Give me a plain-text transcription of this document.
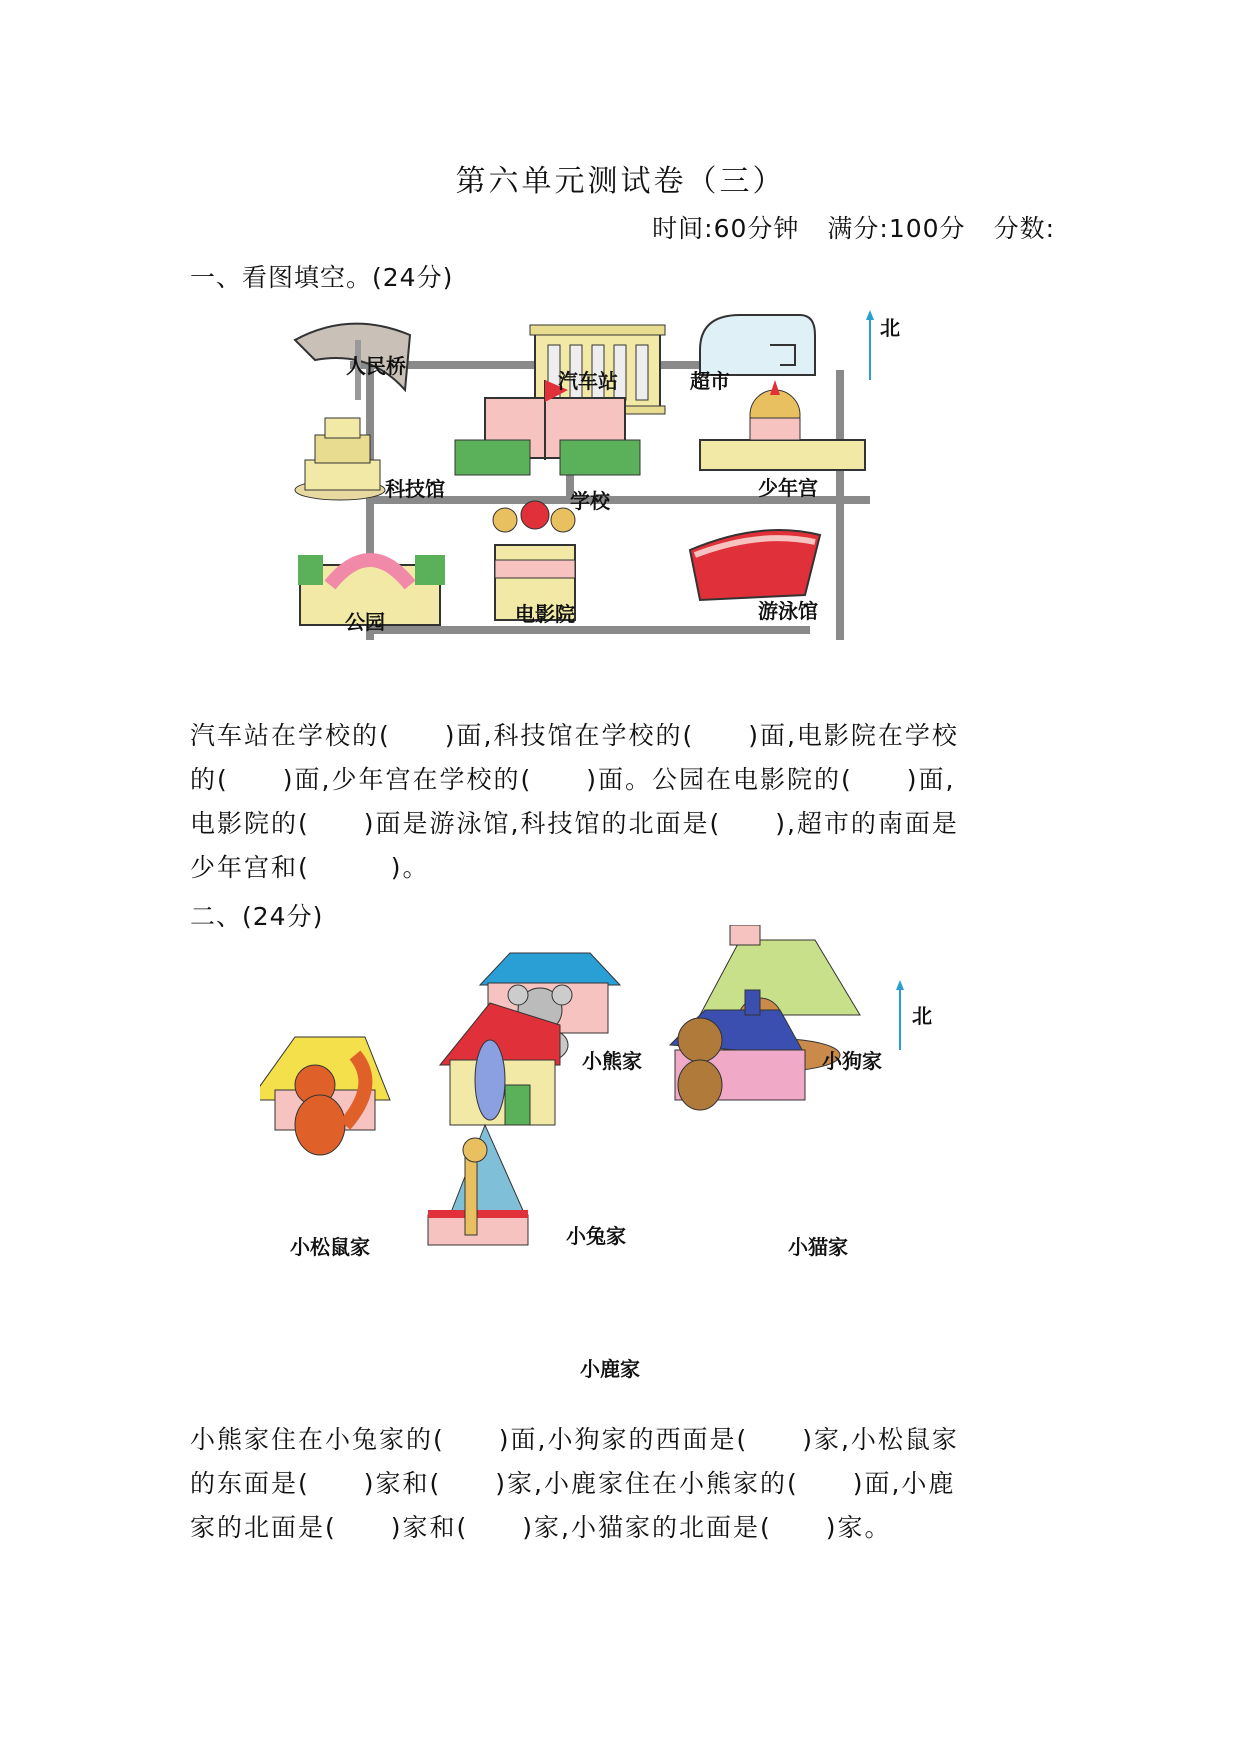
第六单元测试卷（三）
时间:60分钟 满分:100分 分数:
一、看图填空。(24分)
北
人民桥
汽车站	超市
科技馆	学校
少年宫
公园	电影院	游泳馆
汽车站在学校的(　　)面,科技馆在学校的(　　)面,电影院在学校
的(　　)面,少年宫在学校的(　　)面。公园在电影院的(　　)面,
电影院的(　　)面是游泳馆,科技馆的北面是(　　),超市的南面是
少年宫和(　　　)。
二、(24分)
北
小熊家	小狗家
小松鼠家	小兔家	小猫家
小鹿家
小熊家住在小兔家的(　　)面,小狗家的西面是(　　)家,小松鼠家
的东面是(　　)家和(　　)家,小鹿家住在小熊家的(　　)面,小鹿
家的北面是(　　)家和(　　)家,小猫家的北面是(　　)家。
